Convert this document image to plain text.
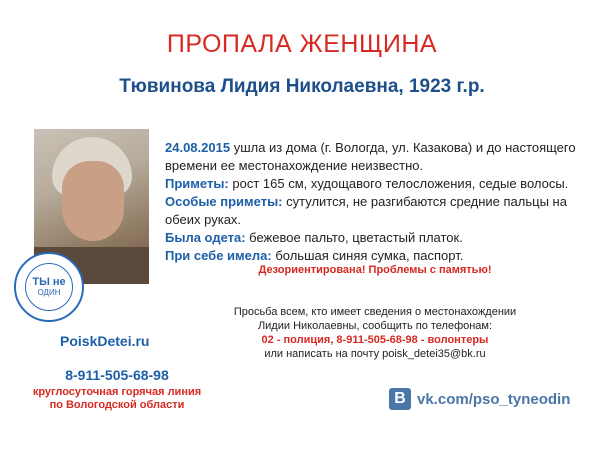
ПРОПАЛА ЖЕНЩИНА
Тювинова Лидия Николаевна, 1923 г.р.
ТЫ не
ОДИН
24.08.2015 ушла из дома (г. Вологда, ул. Казакова) и до настоящего времени ее местонахождение неизвестно.
Приметы: рост 165 см, худощавого телосложения, седые волосы.
Особые приметы: сутулится, не разгибаются средние пальцы на обеих руках.
Была одета: бежевое пальто, цветастый платок.
При себе имела: большая синяя сумка, паспорт.
Дезориентирована! Проблемы с памятью!
Просьба всем, кто имеет сведения о местонахождении
Лидии Николаевны, сообщить по телефонам:
02 - полиция, 8-911-505-68-98 - волонтеры
или написать на почту poisk_detei35@bk.ru
PoiskDetei.ru
8-911-505-68-98
круглосуточная горячая линия
по Вологодской области	В vk.com/pso_tyneodin
